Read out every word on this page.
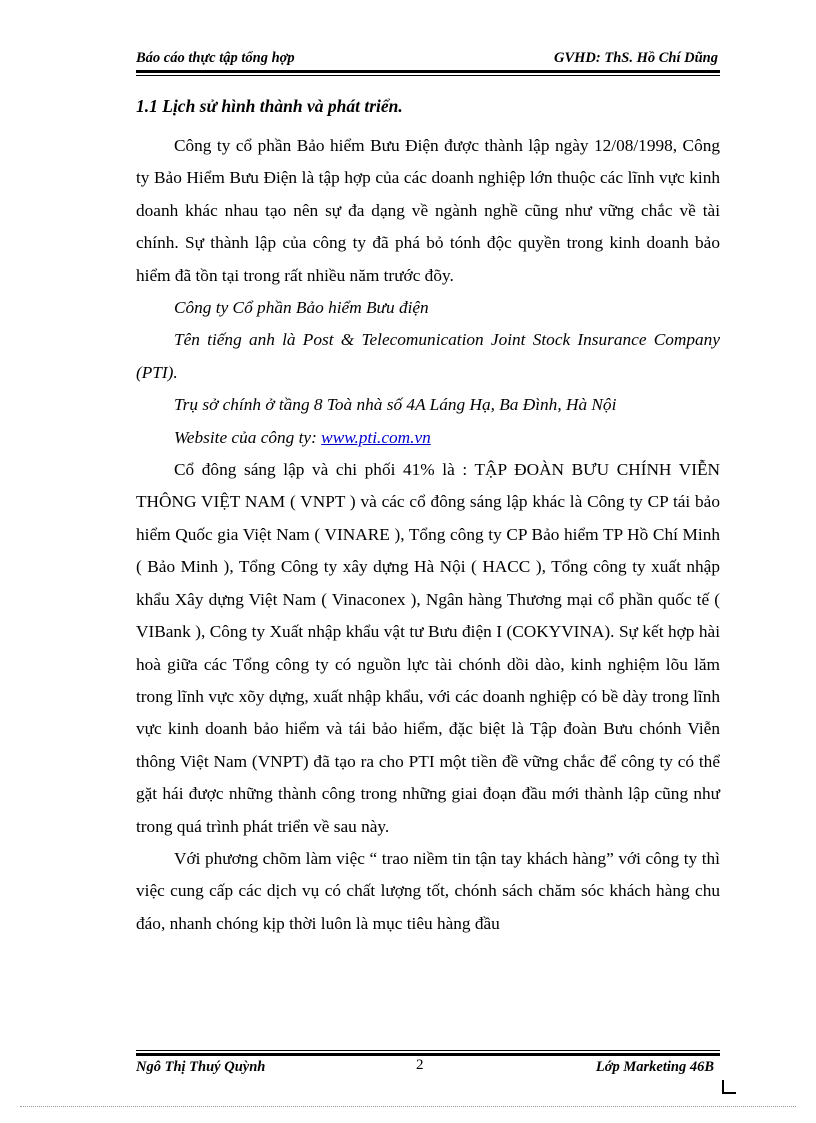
Báo cáo thực tập tổng hợp	GVHD: ThS. Hồ Chí Dũng
1.1 Lịch sử hình thành và phát triển.

Công ty cổ phần Bảo hiểm Bưu Điện được thành lập ngày 12/08/1998, Công ty Bảo Hiểm Bưu Điện là tập hợp của các doanh nghiệp lớn thuộc các lĩnh vực kinh doanh khác nhau tạo nên sự đa dạng về ngành nghề cũng như vững chắc về tài chính. Sự thành lập của công ty đã phá bỏ tónh độc quyền trong kinh doanh bảo hiểm đã tồn tại trong rất nhiều năm trước đõy.

Công ty Cổ phần Bảo hiểm Bưu điện

Tên tiếng anh là Post & Telecomunication Joint Stock Insurance Company (PTI).

Trụ sở chính ở tầng 8 Toà nhà số 4A Láng Hạ, Ba Đình, Hà Nội

Website của công ty: www.pti.com.vn

Cổ đông sáng lập và chi phối 41% là : TẬP ĐOÀN BƯU CHÍNH VIỄN THÔNG VIỆT NAM ( VNPT ) và các cổ đông sáng lập khác là Công ty CP tái bảo hiểm Quốc gia Việt Nam ( VINARE ), Tổng công ty CP Bảo hiểm TP Hồ Chí Minh ( Bảo Minh ), Tổng Công ty xây dựng Hà Nội ( HACC ), Tổng công ty xuất nhập khẩu Xây dựng Việt Nam ( Vinaconex ), Ngân hàng Thương mại cổ phần quốc tế ( VIBank ), Công ty Xuất nhập khẩu vật tư Bưu điện I (COKYVINA). Sự kết hợp hài hoà giữa các Tổng công ty có nguồn lực tài chónh dồi dào, kinh nghiệm lõu lăm trong lĩnh vực xõy dựng, xuất nhập khẩu, với các doanh nghiệp có bề dày trong lĩnh vực kinh doanh bảo hiểm và tái bảo hiểm, đặc biệt là Tập đoàn Bưu chónh Viễn thông Việt Nam (VNPT) đã tạo ra cho PTI một tiền đề vững chắc để công ty có thể gặt hái được những thành công trong những giai đoạn đầu mới thành lập cũng như trong quá trình phát triển về sau này.

Với phương chõm làm việc “ trao niềm tin tận tay khách hàng” với công ty thì việc cung cấp các dịch vụ có chất lượng tốt, chónh sách chăm sóc khách hàng chu đáo, nhanh chóng kịp thời luôn là mục tiêu hàng đầu

Ngô Thị Thuý Quỳnh	2	Lớp Marketing 46B
